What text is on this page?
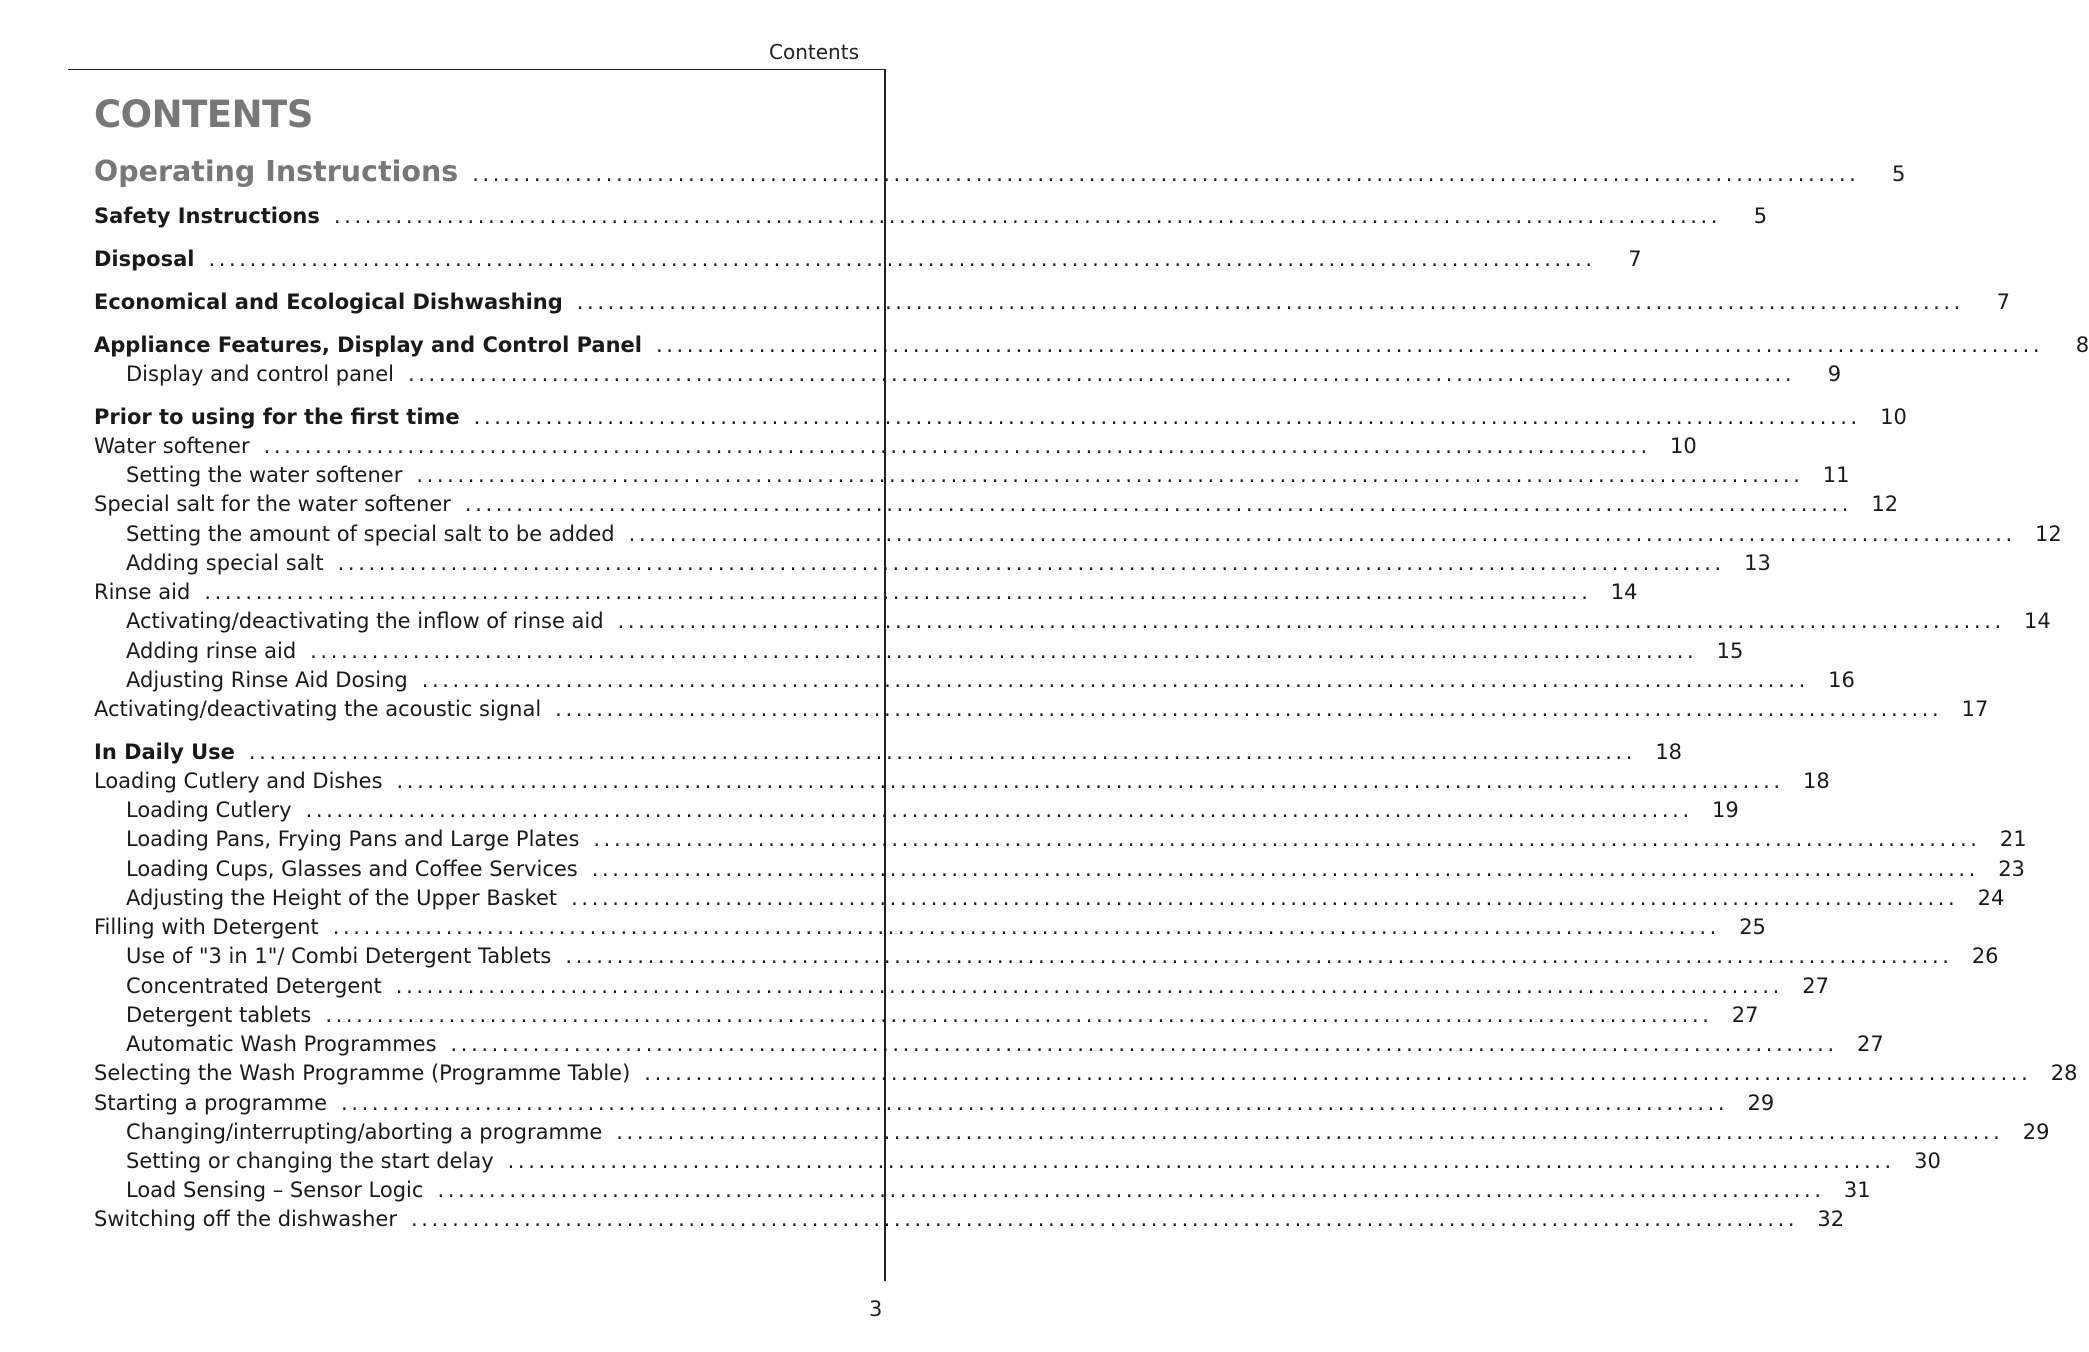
Contents
CONTENTS
Operating Instructions .......................................................................................................................................	5
Safety Instructions .......................................................................................................................................	5
Disposal .......................................................................................................................................	7
Economical and Ecological Dishwashing .......................................................................................................................................	7
Appliance Features, Display and Control Panel .......................................................................................................................................	8
Display and control panel .......................................................................................................................................	9
Prior to using for the first time ....................................................................................................................................... 10
Water softener ....................................................................................................................................... 10
Setting the water softener ....................................................................................................................................... 11
Special salt for the water softener ....................................................................................................................................... 12
Setting the amount of special salt to be added ....................................................................................................................................... 12
Adding special salt ....................................................................................................................................... 13
Rinse aid ....................................................................................................................................... 14
Activating/deactivating the inflow of rinse aid ....................................................................................................................................... 14
Adding rinse aid ....................................................................................................................................... 15
Adjusting Rinse Aid Dosing ....................................................................................................................................... 16
Activating/deactivating the acoustic signal ....................................................................................................................................... 17
In Daily Use ....................................................................................................................................... 18
Loading Cutlery and Dishes ....................................................................................................................................... 18
Loading Cutlery ....................................................................................................................................... 19
Loading Pans, Frying Pans and Large Plates ....................................................................................................................................... 21
Loading Cups, Glasses and Coffee Services ....................................................................................................................................... 23
Adjusting the Height of the Upper Basket ....................................................................................................................................... 24
Filling with Detergent ....................................................................................................................................... 25
Use of "3 in 1"/ Combi Detergent Tablets ....................................................................................................................................... 26
Concentrated Detergent ....................................................................................................................................... 27
Detergent tablets ....................................................................................................................................... 27
Automatic Wash Programmes ....................................................................................................................................... 27
Selecting the Wash Programme (Programme Table) ....................................................................................................................................... 28
Starting a programme ....................................................................................................................................... 29
Changing/interrupting/aborting a programme ....................................................................................................................................... 29
Setting or changing the start delay ....................................................................................................................................... 30
Load Sensing – Sensor Logic ....................................................................................................................................... 31
Switching off the dishwasher ....................................................................................................................................... 32
3
